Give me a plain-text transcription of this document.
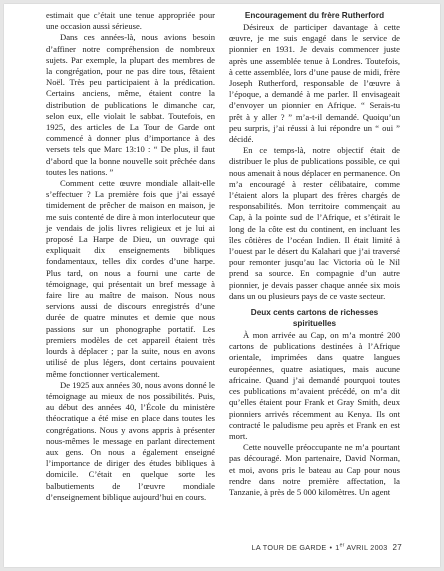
estimait que c’était une tenue appropriée pour une occasion aussi sérieuse.

Dans ces années-là, nous avions besoin d’affiner notre compréhension de nombreux sujets. Par exemple, la plupart des membres de la congrégation, pour ne pas dire tous, fêtaient Noël. Très peu participaient à la prédication. Certains anciens, même, étaient contre la distribution de publications le dimanche car, selon eux, elle violait le sabbat. Toutefois, en 1925, des articles de La Tour de Garde ont commencé à donner plus d’importance à des versets tels que Marc 13:10 : “ De plus, il faut d’abord que la bonne nouvelle soit prêchée dans toutes les nations. ”

Comment cette œuvre mondiale allait-elle s’effectuer ? La première fois que j’ai essayé timidement de prêcher de maison en maison, je me suis contenté de dire à mon interlocuteur que je vendais de jolis livres religieux et je lui ai proposé La Harpe de Dieu, un ouvrage qui expliquait dix enseignements bibliques fondamentaux, telles dix cordes d’une harpe. Plus tard, on nous a fourni une carte de témoignage, qui présentait un bref message à faire lire au maître de maison. Nous nous servions aussi de discours enregistrés d’une durée de quatre minutes et demie que nous passions sur un phonographe portatif. Les premiers modèles de cet appareil étaient très lourds à déplacer ; par la suite, nous en avons utilisé de plus légers, dont certains pouvaient même fonctionner verticalement.

De 1925 aux années 30, nous avons donné le témoignage au mieux de nos possibilités. Puis, au début des années 40, l’École du ministère théocratique a été mise en place dans toutes les congrégations. Nous y avons appris à présenter nous-mêmes le message en parlant directement aux gens. On nous a également enseigné l’importance de diriger des études bibliques à domicile. C’était en quelque sorte les balbutiements de l’œuvre mondiale d’enseignement biblique aujourd’hui en cours.

Encouragement du frère Rutherford

Désireux de participer davantage à cette œuvre, je me suis engagé dans le service de pionnier en 1931. Je devais commencer juste après une assemblée tenue à Londres. Toutefois, à cette assemblée, lors d’une pause de midi, frère Joseph Rutherford, responsable de l’œuvre à l’époque, a demandé à me parler. Il envisageait d’envoyer un pionnier en Afrique. “ Serais-tu prêt à y aller ? ” m’a-t-il demandé. Quoiqu’un peu surpris, j’ai réussi à lui répondre un “ oui ” décidé.

En ce temps-là, notre objectif était de distribuer le plus de publications possible, ce qui nous amenait à nous déplacer en permanence. On m’a encouragé à rester célibataire, comme l’étaient alors la plupart des frères chargés de responsabilités. Mon territoire commençait au Cap, à la pointe sud de l’Afrique, et s’étirait le long de la côte est du continent, en incluant les îles côtières de l’océan Indien. Il était limité à l’ouest par le désert du Kalahari que j’ai traversé pour remonter jusqu’au lac Victoria où le Nil prend sa source. En compagnie d’un autre pionnier, je devais passer chaque année six mois dans un ou plusieurs pays de ce vaste secteur.

Deux cents cartons de richesses spirituelles

À mon arrivée au Cap, on m’a montré 200 cartons de publications destinées à l’Afrique orientale, imprimées dans quatre langues européennes, quatre asiatiques, mais aucune africaine. Quand j’ai demandé pourquoi toutes ces publications m’avaient précédé, on m’a dit qu’elles étaient pour Frank et Gray Smith, deux pionniers arrivés récemment au Kenya. Ils ont contracté le paludisme peu après et Frank en est mort.

Cette nouvelle préoccupante ne m’a pourtant pas découragé. Mon partenaire, David Norman, et moi, avons pris le bateau au Cap pour nous rendre dans notre première affectation, la Tanzanie, à près de 5 000 kilomètres. Un agent

LA TOUR DE GARDE • 1er AVRIL 2003 27
